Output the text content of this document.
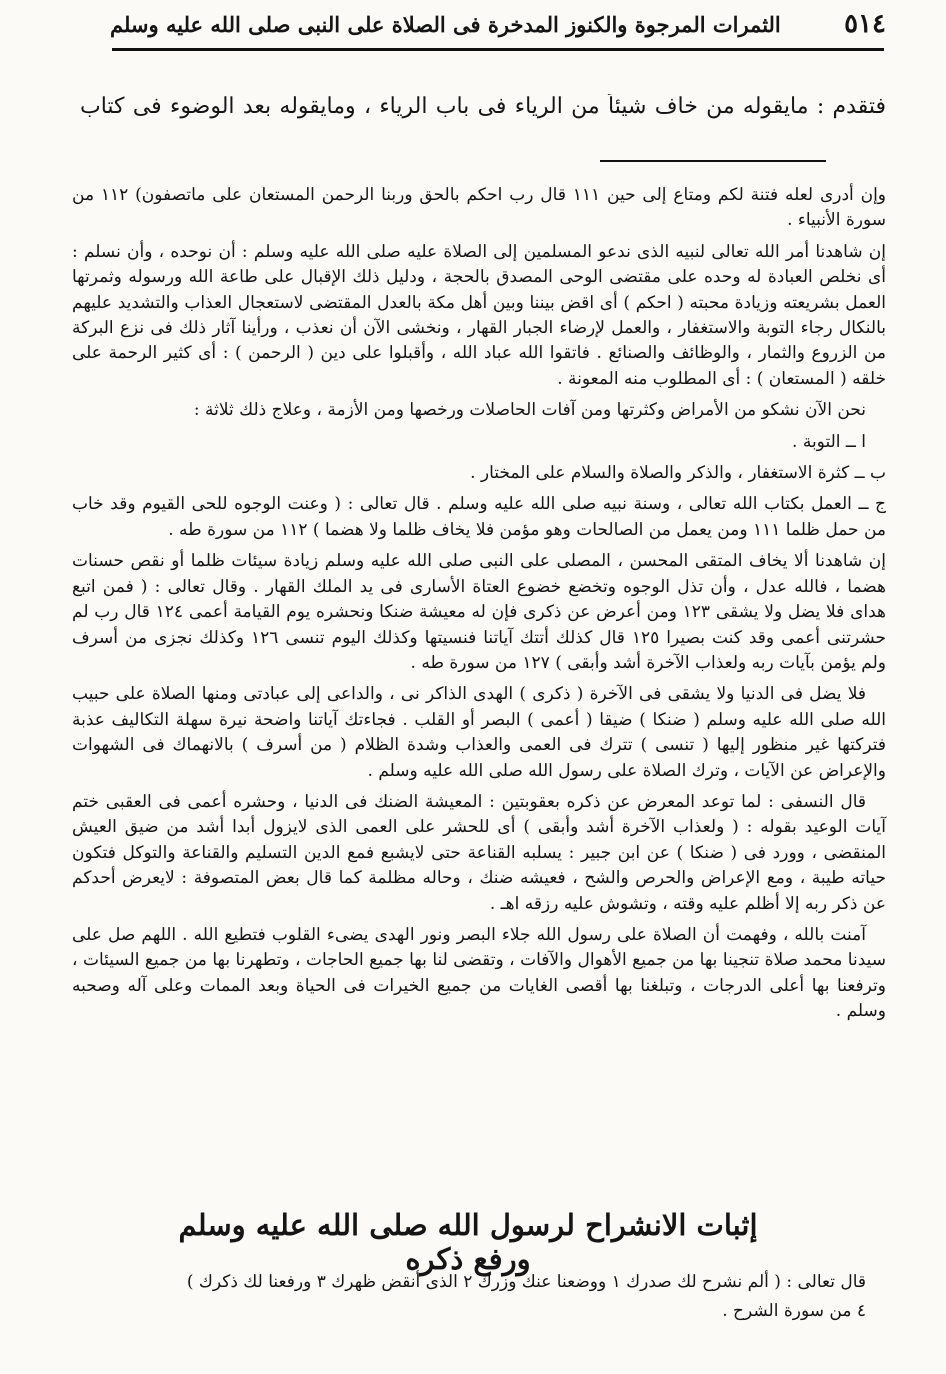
٥١٤
الثمرات المرجوة والكنوز المدخرة فى الصلاة على النبى صلى الله عليه وسلم
فتقدم : مايقوله من خاف شيئاً من الرياء فى باب الرياء ، ومايقوله بعد الوضوء فى كتاب

وإن أدرى لعله فتنة لكم ومتاع إلى حين ١١١ قال رب احكم بالحق وربنا الرحمن المستعان على ماتصفون) ١١٢ من سورة الأنبياء .

إن شاهدنا أمر الله تعالى لنبيه الذى ندعو المسلمين إلى الصلاة عليه صلى الله عليه وسلم : أن نوحده ، وأن نسلم : أى نخلص العبادة له وحده على مقتضى الوحى المصدق بالحجة ، ودليل ذلك الإقبال على طاعة الله ورسوله وثمرتها العمل بشريعته وزيادة محبته ( احكم ) أى اقض بيننا وبين أهل مكة بالعدل المقتضى لاستعجال العذاب والتشديد عليهم بالنكال رجاء التوبة والاستغفار ، والعمل لإرضاء الجبار القهار ، ونخشى الآن أن نعذب ، ورأينا آثار ذلك فى نزع البركة من الزروع والثمار ، والوظائف والصنائع . فاتقوا الله عباد الله ، وأقبلوا على دين ( الرحمن ) : أى كثير الرحمة على خلقه ( المستعان ) : أى المطلوب منه المعونة .

نحن الآن نشكو من الأمراض وكثرتها ومن آفات الحاصلات ورخصها ومن الأزمة ، وعلاج ذلك ثلاثة :

ا ــ التوبة .

ب ــ كثرة الاستغفار ، والذكر والصلاة والسلام على المختار .

ج ــ العمل بكتاب الله تعالى ، وسنة نبيه صلى الله عليه وسلم . قال تعالى : ( وعنت الوجوه للحى القيوم وقد خاب من حمل ظلما ١١١ ومن يعمل من الصالحات وهو مؤمن فلا يخاف ظلما ولا هضما ) ١١٢ من سورة طه .

إن شاهدنا ألا يخاف المتقى المحسن ، المصلى على النبى صلى الله عليه وسلم زيادة سيئات ظلما أو نقص حسنات هضما ، فالله عدل ، وأن تذل الوجوه وتخضع خضوع العتاة الأسارى فى يد الملك القهار . وقال تعالى : ( فمن اتبع هداى فلا يضل ولا يشقى ١٢٣ ومن أعرض عن ذكرى فإن له معيشة ضنكا ونحشره يوم القيامة أعمى ١٢٤ قال رب لم حشرتنى أعمى وقد كنت بصيرا ١٢٥ قال كذلك أتتك آياتنا فنسيتها وكذلك اليوم تنسى ١٢٦ وكذلك نجزى من أسرف ولم يؤمن بآيات ربه ولعذاب الآخرة أشد وأبقى ) ١٢٧ من سورة طه .

فلا يضل فى الدنيا ولا يشقى فى الآخرة ( ذكرى ) الهدى الذاكر نى ، والداعى إلى عبادتى ومنها الصلاة على حبيب الله صلى الله عليه وسلم ( ضنكا ) ضيقا ( أعمى ) البصر أو القلب . فجاءتك آياتنا واضحة نيرة سهلة التكاليف عذبة فتركتها غير منظور إليها ( تنسى ) تترك فى العمى والعذاب وشدة الظلام ( من أسرف ) بالانهماك فى الشهوات والإعراض عن الآيات ، وترك الصلاة على رسول الله صلى الله عليه وسلم .

قال النسفى : لما توعد المعرض عن ذكره بعقوبتين : المعيشة الضنك فى الدنيا ، وحشره أعمى فى العقبى ختم آيات الوعيد بقوله : ( ولعذاب الآخرة أشد وأبقى ) أى للحشر على العمى الذى لايزول أبدا أشد من ضيق العيش المنقضى ، وورد فى ( ضنكا ) عن ابن جبير : يسلبه القناعة حتى لايشبع فمع الدين التسليم والقناعة والتوكل فتكون حياته طيبة ، ومع الإعراض والحرص والشح ، فعيشه ضنك ، وحاله مظلمة كما قال بعض المتصوفة : لايعرض أحدكم عن ذكر ربه إلا أظلم عليه وقته ، وتشوش عليه رزقه اهـ .

آمنت بالله ، وفهمت أن الصلاة على رسول الله جلاء البصر ونور الهدى يضىء القلوب فتطيع الله . اللهم صل على سيدنا محمد صلاة تنجينا بها من جميع الأهوال والآفات ، وتقضى لنا بها جميع الحاجات ، وتطهرنا بها من جميع السيئات ، وترفعنا بها أعلى الدرجات ، وتبلغنا بها أقصى الغايات من جميع الخيرات فى الحياة وبعد الممات وعلى آله وصحبه وسلم .

إثبات الانشراح لرسول الله صلى الله عليه وسلم ورفع ذكره

قال تعالى : ( ألم نشرح لك صدرك ١ ووضعنا عنك وزرك ٢ الذى أنقض ظهرك ٣ ورفعنا لك ذكرك )

٤ من سورة الشرح .
